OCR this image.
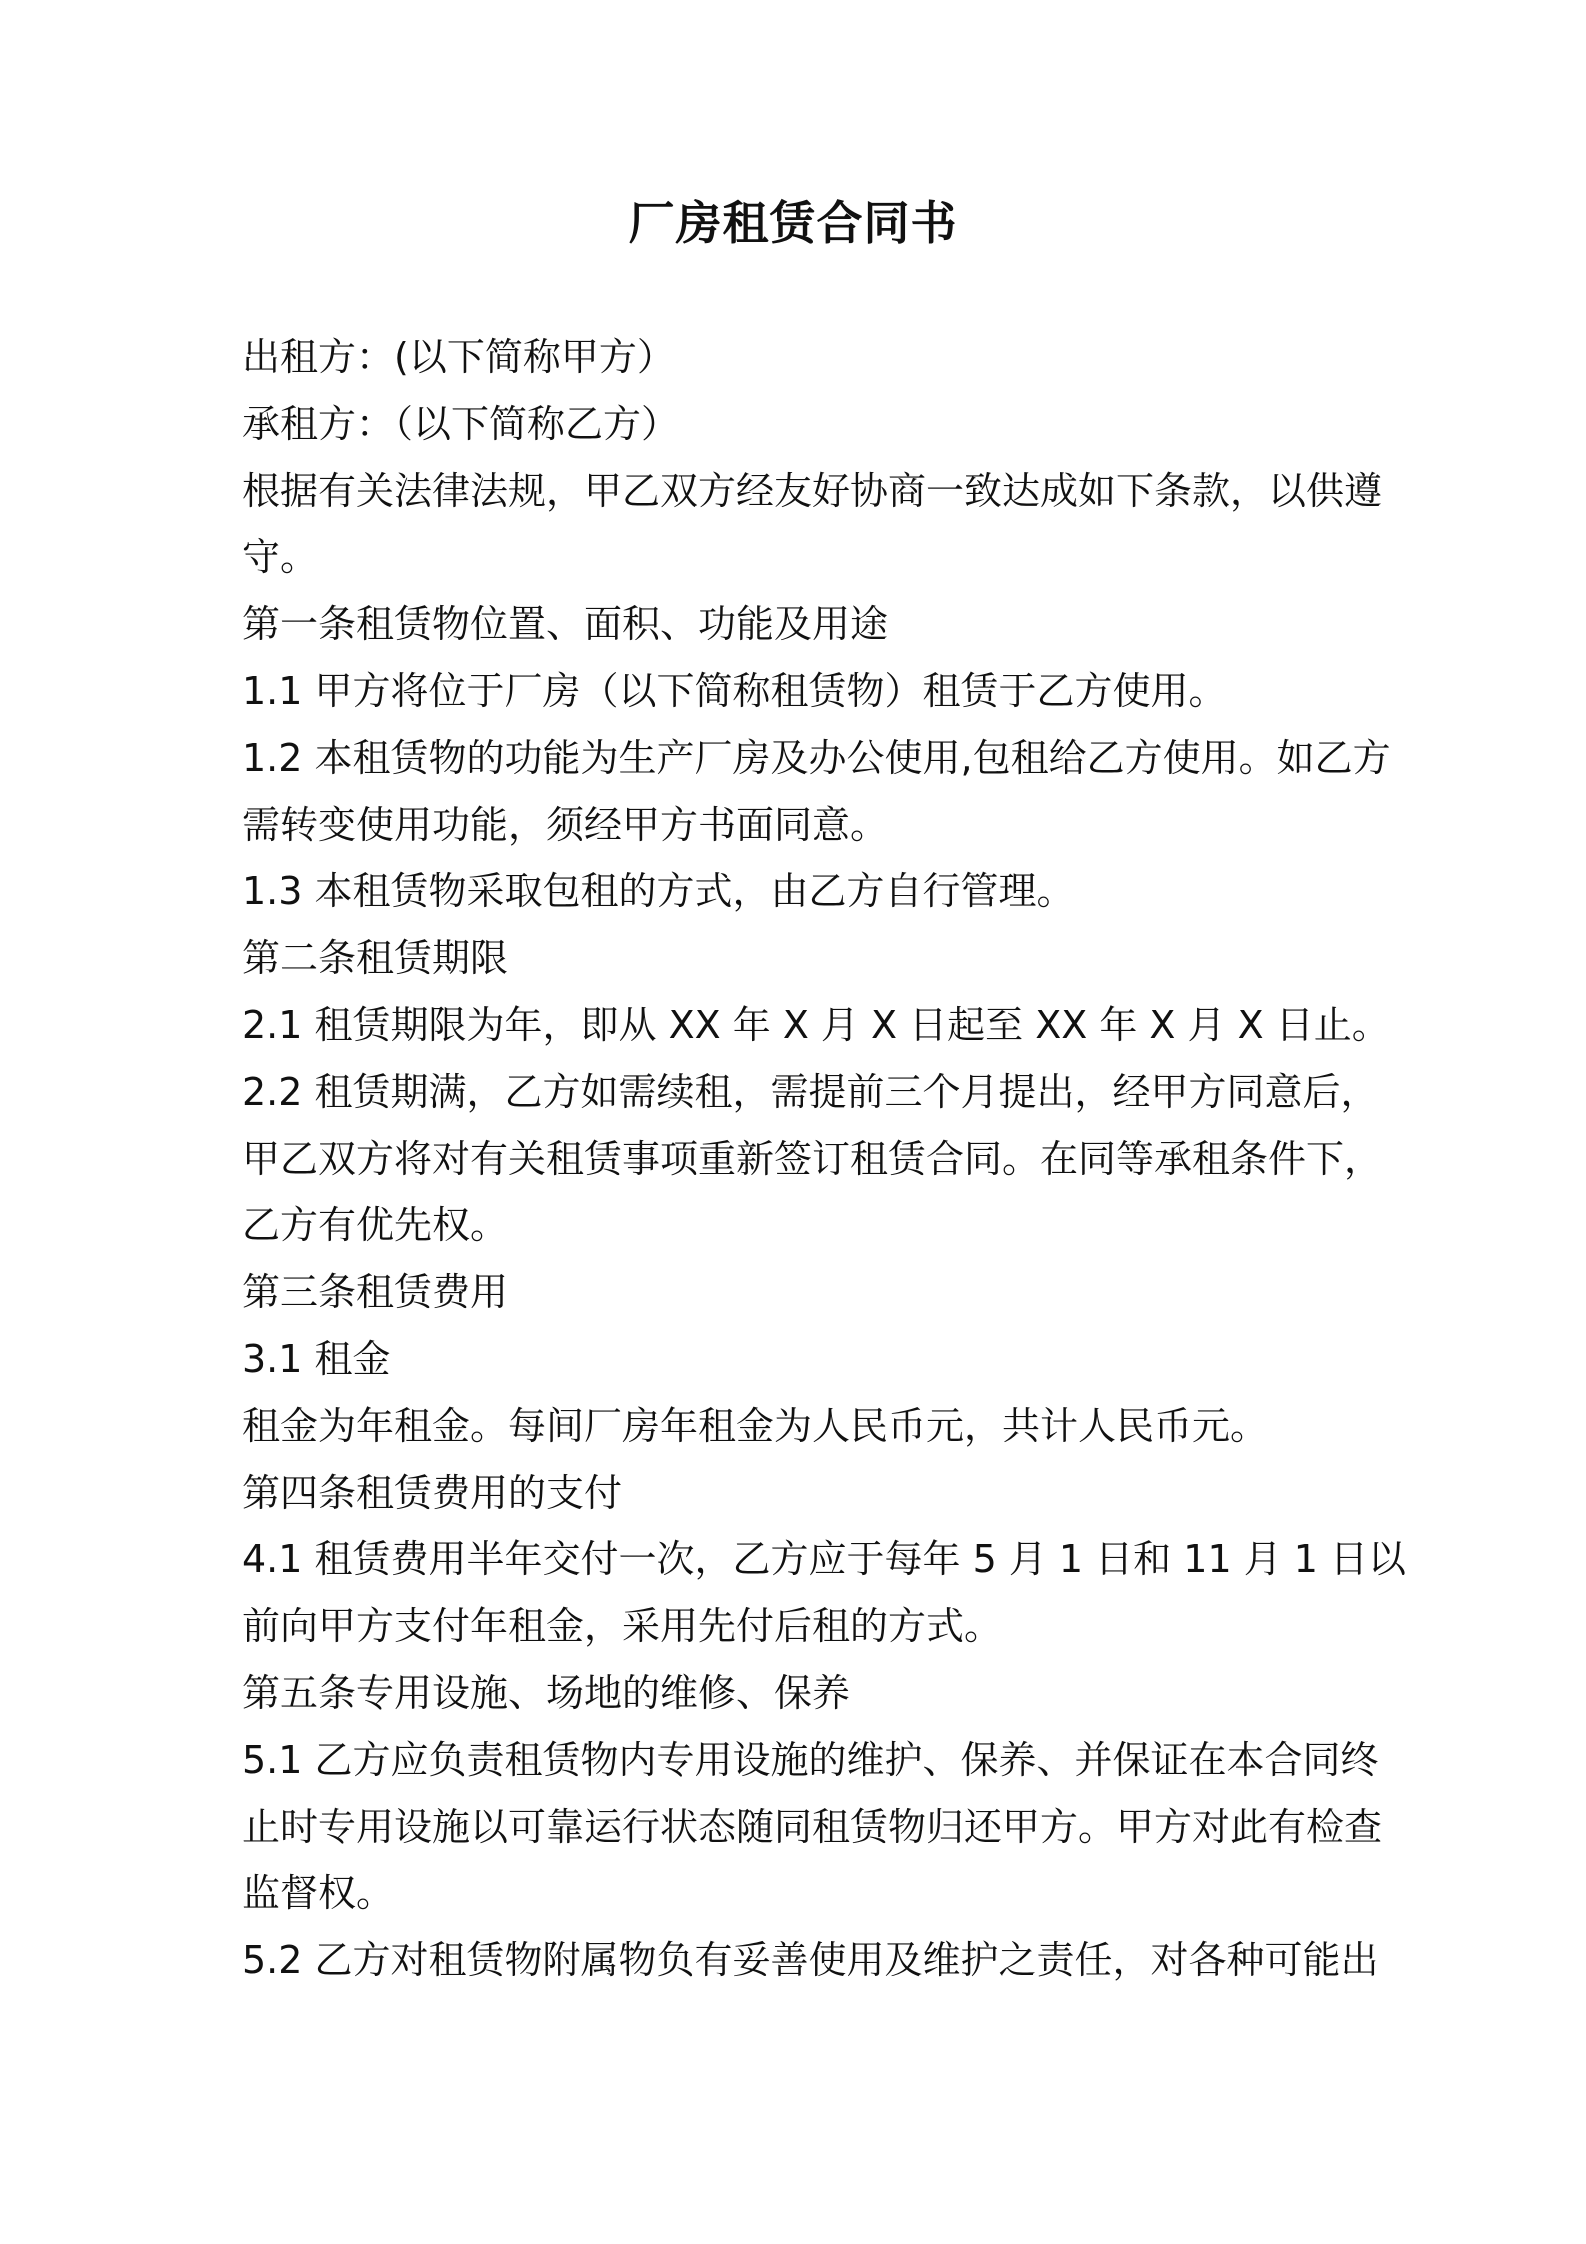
厂房租赁合同书

出租方：(以下简称甲方）

承租方：（以下简称乙方）

根据有关法律法规，甲乙双方经友好协商一致达成如下条款，以供遵

守。

第一条租赁物位置、面积、功能及用途

1.1 甲方将位于厂房（以下简称租赁物）租赁于乙方使用。

1.2 本租赁物的功能为生产厂房及办公使用,包租给乙方使用。如乙方

需转变使用功能，须经甲方书面同意。

1.3 本租赁物采取包租的方式，由乙方自行管理。

第二条租赁期限

2.1 租赁期限为年，即从 XX 年 X 月 X 日起至 XX 年 X 月 X 日止。

2.2 租赁期满，乙方如需续租，需提前三个月提出，经甲方同意后，

甲乙双方将对有关租赁事项重新签订租赁合同。在同等承租条件下，

乙方有优先权。

第三条租赁费用

3.1 租金

租金为年租金。每间厂房年租金为人民币元，共计人民币元。

第四条租赁费用的支付

4.1 租赁费用半年交付一次，乙方应于每年 5 月 1 日和 11 月 1 日以

前向甲方支付年租金，采用先付后租的方式。

第五条专用设施、场地的维修、保养

5.1 乙方应负责租赁物内专用设施的维护、保养、并保证在本合同终

止时专用设施以可靠运行状态随同租赁物归还甲方。甲方对此有检查

监督权。

5.2 乙方对租赁物附属物负有妥善使用及维护之责任，对各种可能出
